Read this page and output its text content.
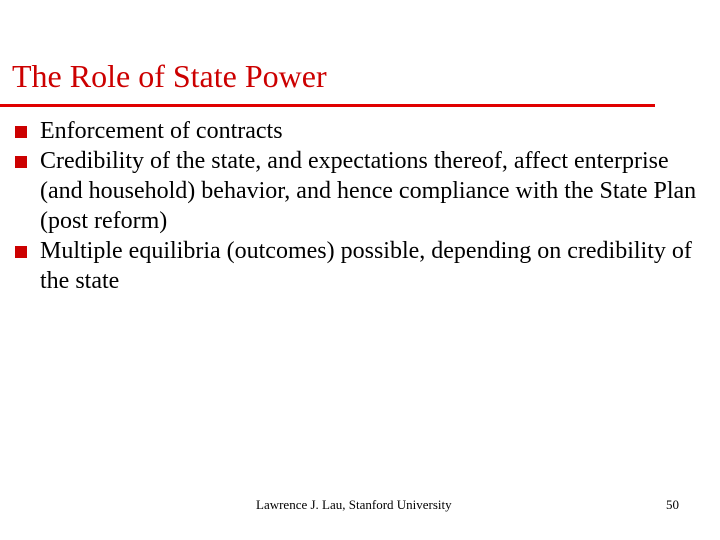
The Role of State Power
Enforcement of contracts
Credibility of the state, and expectations thereof, affect enterprise (and household) behavior, and hence compliance with the State Plan (post reform)
Multiple equilibria (outcomes) possible, depending on credibility of the state
Lawrence J. Lau, Stanford University	50
